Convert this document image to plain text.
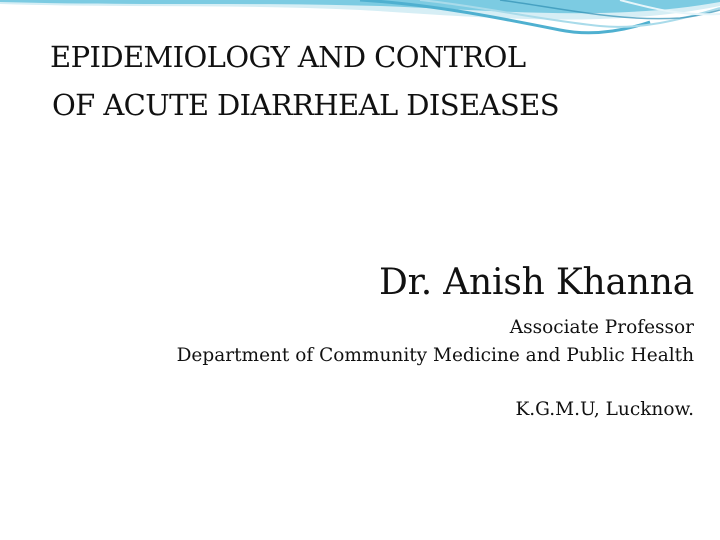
EPIDEMIOLOGY AND CONTROL
OF ACUTE DIARRHEAL DISEASES
Dr. Anish Khanna
Associate Professor
Department of Community Medicine and Public Health
K.G.M.U, Lucknow.
